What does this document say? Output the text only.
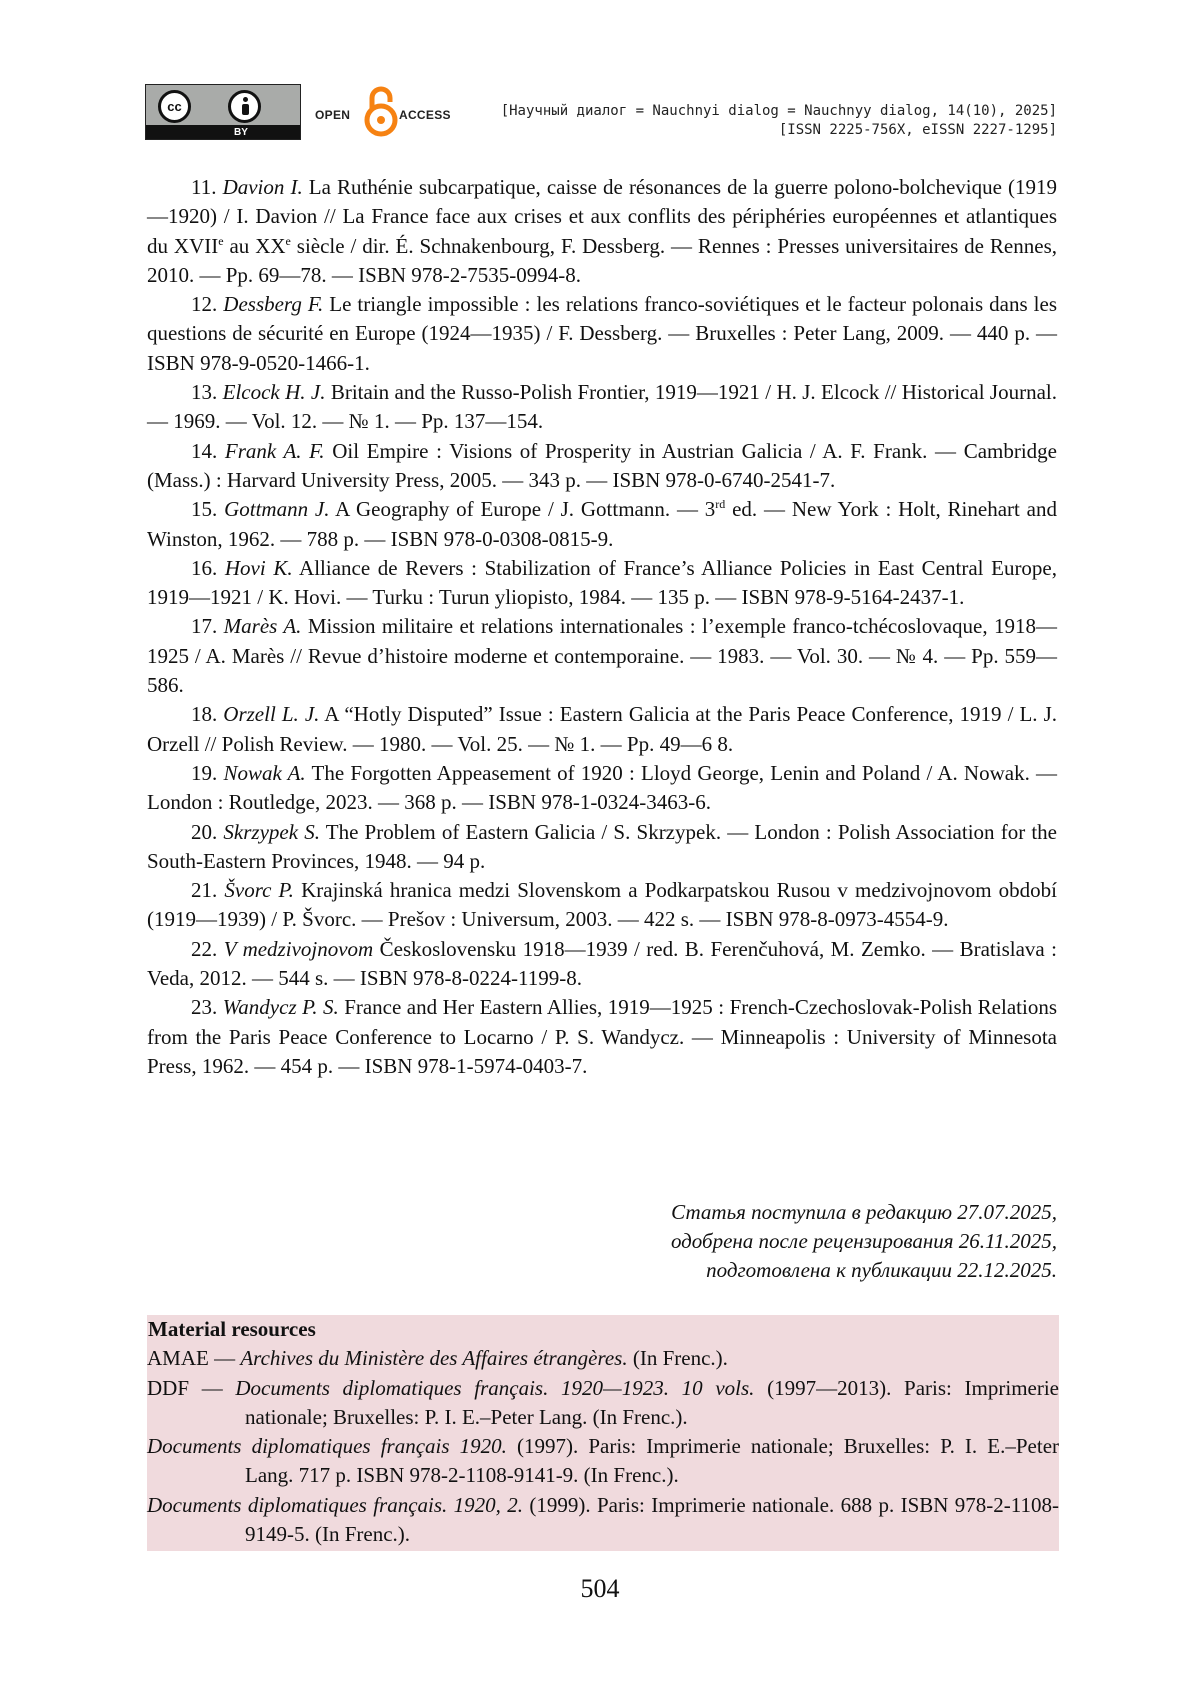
cc
BY
OPEN	ACCESS	[Научный диалог = Nauchnyi dialog = Nauchnyy dialog, 14(10), 2025]
[ISSN 2225-756X, eISSN 2227-1295]

11. Davion I. La Ruthénie subcarpatique, caisse de résonances de la guerre polono-bolchevique (1919—1920) / I. Davion // La France face aux crises et aux conflits des périphéries européennes et atlantiques du XVIIe au XXe siècle / dir. É. Schnakenbourg, F. Dessberg. — Rennes : Presses universitaires de Rennes, 2010. — Pp. 69—78. — ISBN 978-2-7535-0994-8.

12. Dessberg F. Le triangle impossible : les relations franco-soviétiques et le facteur polonais dans les questions de sécurité en Europe (1924—1935) / F. Dessberg. — Bruxelles : Peter Lang, 2009. — 440 p. — ISBN 978-9-0520-1466-1.

13. Elcock H. J. Britain and the Russo-Polish Frontier, 1919—1921 / H. J. Elcock // Historical Journal. — 1969. — Vol. 12. — № 1. — Pp. 137—154.

14. Frank A. F. Oil Empire : Visions of Prosperity in Austrian Galicia / A. F. Frank. — Cambridge (Mass.) : Harvard University Press, 2005. — 343 p. — ISBN 978-0-6740-2541-7.

15. Gottmann J. A Geography of Europe / J. Gottmann. — 3rd ed. — New York : Holt, Rinehart and Winston, 1962. — 788 p. — ISBN 978-0-0308-0815-9.

16. Hovi K. Alliance de Revers : Stabilization of France’s Alliance Policies in East Central Europe, 1919—1921 / K. Hovi. — Turku : Turun yliopisto, 1984. — 135 p. — ISBN 978-9-5164-2437-1.

17. Marès A. Mission militaire et relations internationales : l’exemple franco-tchécoslovaque, 1918—1925 / A. Marès // Revue d’histoire moderne et contemporaine. — 1983. — Vol. 30. — № 4. — Pp. 559—586.

18. Orzell L. J. A “Hotly Disputed” Issue : Eastern Galicia at the Paris Peace Conference, 1919 / L. J. Orzell // Polish Review. — 1980. — Vol. 25. — № 1. — Pp. 49—6 8.

19. Nowak A. The Forgotten Appeasement of 1920 : Lloyd George, Lenin and Poland / A. Nowak. — London : Routledge, 2023. — 368 p. — ISBN 978-1-0324-3463-6.

20. Skrzypek S. The Problem of Eastern Galicia / S. Skrzypek. — London : Polish Association for the South-Eastern Provinces, 1948. — 94 p.

21. Švorc P. Krajinská hranica medzi Slovenskom a Podkarpatskou Rusou v medzivojnovom období (1919—1939) / P. Švorc. — Prešov : Universum, 2003. — 422 s. — ISBN 978-8-0973-4554-9.

22. V medzivojnovom Československu 1918—1939 / red. B. Ferenčuhová, M. Zemko. — Bratislava : Veda, 2012. — 544 s. — ISBN 978-8-0224-1199-8.

23. Wandycz P. S. France and Her Eastern Allies, 1919—1925 : French-Czechoslovak-Polish Relations from the Paris Peace Conference to Locarno / P. S. Wandycz. — Minneapolis : University of Minnesota Press, 1962. — 454 p. — ISBN 978-1-5974-0403-7.

Статья поступила в редакцию 27.07.2025,
одобрена после рецензирования 26.11.2025,
подготовлена к публикации 22.12.2025.
Material resources
AMAE — Archives du Ministère des Affaires étrangères. (In Frenc.).
DDF — Documents diplomatiques français. 1920—1923. 10 vols. (1997—2013). Paris: Imprimerie nationale; Bruxelles: P. I. E.–Peter Lang. (In Frenc.).
Documents diplomatiques français 1920. (1997). Paris: Imprimerie nationale; Bruxelles: P. I. E.–Peter Lang. 717 p. ISBN 978-2-1108-9141-9. (In Frenc.).
Documents diplomatiques français. 1920, 2. (1999). Paris: Imprimerie nationale. 688 p. ISBN 978-2-1108-9149-5. (In Frenc.).
504
